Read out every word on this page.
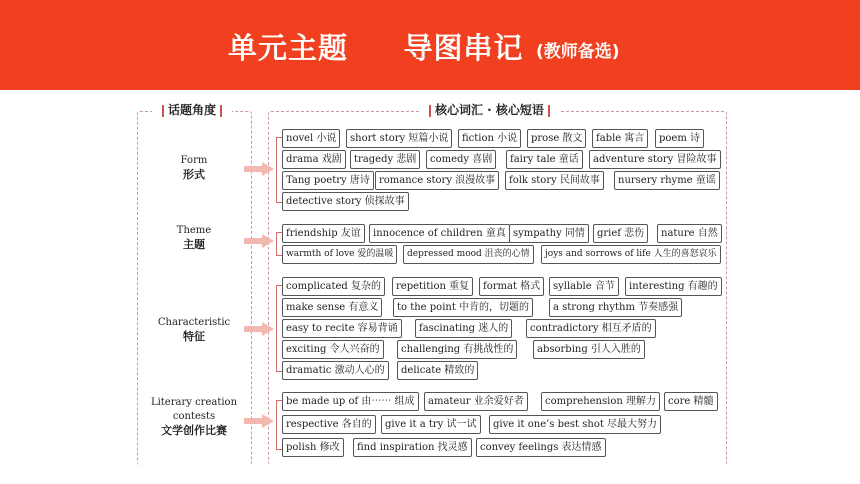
单元主题     导图串记 (教师备选)
话题角度	核心词汇 · 核心短语
Form
形式
Theme
主题
Characteristic
特征
Literary creation contests
文学创作比赛
novel 小说	short story 短篇小说	fiction 小说	prose 散文	fable 寓言	poem 诗
drama 戏剧	tragedy 悲剧	comedy 喜剧	fairy tale 童话	adventure story 冒险故事
Tang poetry 唐诗 romance story 浪漫故事	folk story 民间故事	nursery rhyme 童谣
detective story 侦探故事
friendship 友谊	innocence of children 童真 sympathy 同情	grief 悲伤	nature 自然
warmth of love 爱的温暖	depressed mood 沮丧的心情	joys and sorrows of life 人生的喜怒哀乐
complicated 复杂的	repetition 重复	format 格式	syllable 音节	interesting 有趣的
make sense 有意义	to the point 中肯的，切题的	a strong rhythm 节奏感强
easy to recite 容易背诵	fascinating 迷人的	contradictory 相互矛盾的
exciting 令人兴奋的	challenging 有挑战性的	absorbing 引人入胜的
dramatic 激动人心的	delicate 精致的
be made up of 由⋯⋯ 组成	amateur 业余爱好者	comprehension 理解力	core 精髓
respective 各自的	give it a try 试一试	give it one’s best shot 尽最大努力
polish 修改	find inspiration 找灵感	convey feelings 表达情感
